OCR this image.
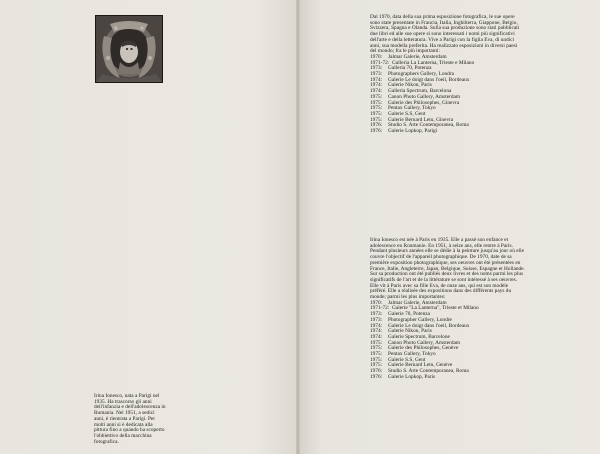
Irina Ionesco, nata a Parigi nel 1935. Ha trascorso gli anni dell'infanzia e dell'adolescenza in Rumania. Nel 1951, a sedici anni, è rientrata a Parigi. Per molti anni si è dedicata alla pittura fino a quando ha scoperto l'obbiettivo della macchina fotografica.

Dal 1970, data della sua prima esposizione fotografica, le sue opere sono state presentate in Francia, Italia, Inghilterra, Giappone, Belgio, Svizzera, Spagna e Olanda. Sulla sua produzione sono stati pubblicati due libri ed alle sue opere si sono interessati i nomi più significativi dell'arte e della letteratura. Vive a Parigi con la figlia Eva, di undici anni, sua modella preferita. Ha realizzato esposizioni in diversi paesi del mondo; fra le più importanti:

1970:	Jalmar Galerie, Amsterdam
1971-72: Galleria La Lanterna, Trieste e Milano
1973:	Galleria 70, Potenza
1973:	Photographers Gallery, Londra
1974:	Galerie Le doigt dans l'oeil, Bordeaux
1974:	Galerie Nikon, Paris
1974:	Galleria Spectrum, Barcelona
1975:	Canon Photo Gallery, Amsterdam
1975:	Galerie des Philosophes, Ginevra
1975:	Pentax Gallery, Tokyo
1975:	Galerie S.S, Gent
1975:	Galerie Bernard Letu, Ginevra
1976:	Studio S. Arte Contemporanea, Roma
1976:	Galerie Lopkop, Parigi

Irina Ionesco est née à Paris en 1935. Elle a passé son enfance et adolescence en Roumanie. En 1951, à seize ans, elle rentre à Paris. Pendant plusieurs années elle se dédie à la peinture jusqu'au jour où elle couvre l'objectif de l'appareil photographique. De 1970, date de sa première exposition photographique, ses oeuvres ont été présentées en France, Italie, Angleterre, Japan, Belgique, Suisse, Espagne et Hollande. Sur sa production ont été publiés deux livres et des noms parmi les plus significatifs de l'art et de la littérature se sont intéressé à ses oeuvres. Elle vit à Paris avec sa fille Eva, de onze ans, qui est son modèle préféré. Elle a réalisée des expositions dans des différents pays du monde; parmi les plus importantes:

1970:	Jalmar Galerie, Amsterdam
1971-72: Galerie "La Lanterna", Trieste et Milano
1973:	Galerie 70, Potenza
1973:	Photographer Gallery, Londre
1974:	Galerie Le doigt dans l'oeil, Bordeaux
1974:	Galerie Nikon, Paris
1974:	Galerie Spectrum, Barcelone
1975:	Canon Photo Gallery, Amsterdam
1975:	Galerie des Philosophes, Genève
1975:	Pentax Gallery, Tokyo
1975:	Galerie S.S, Gent
1975:	Galerie Bernard Letu, Genève
1976:	Studio S. Arte Contemporanea, Roma
1976:	Galerie Lopkop, Paris
